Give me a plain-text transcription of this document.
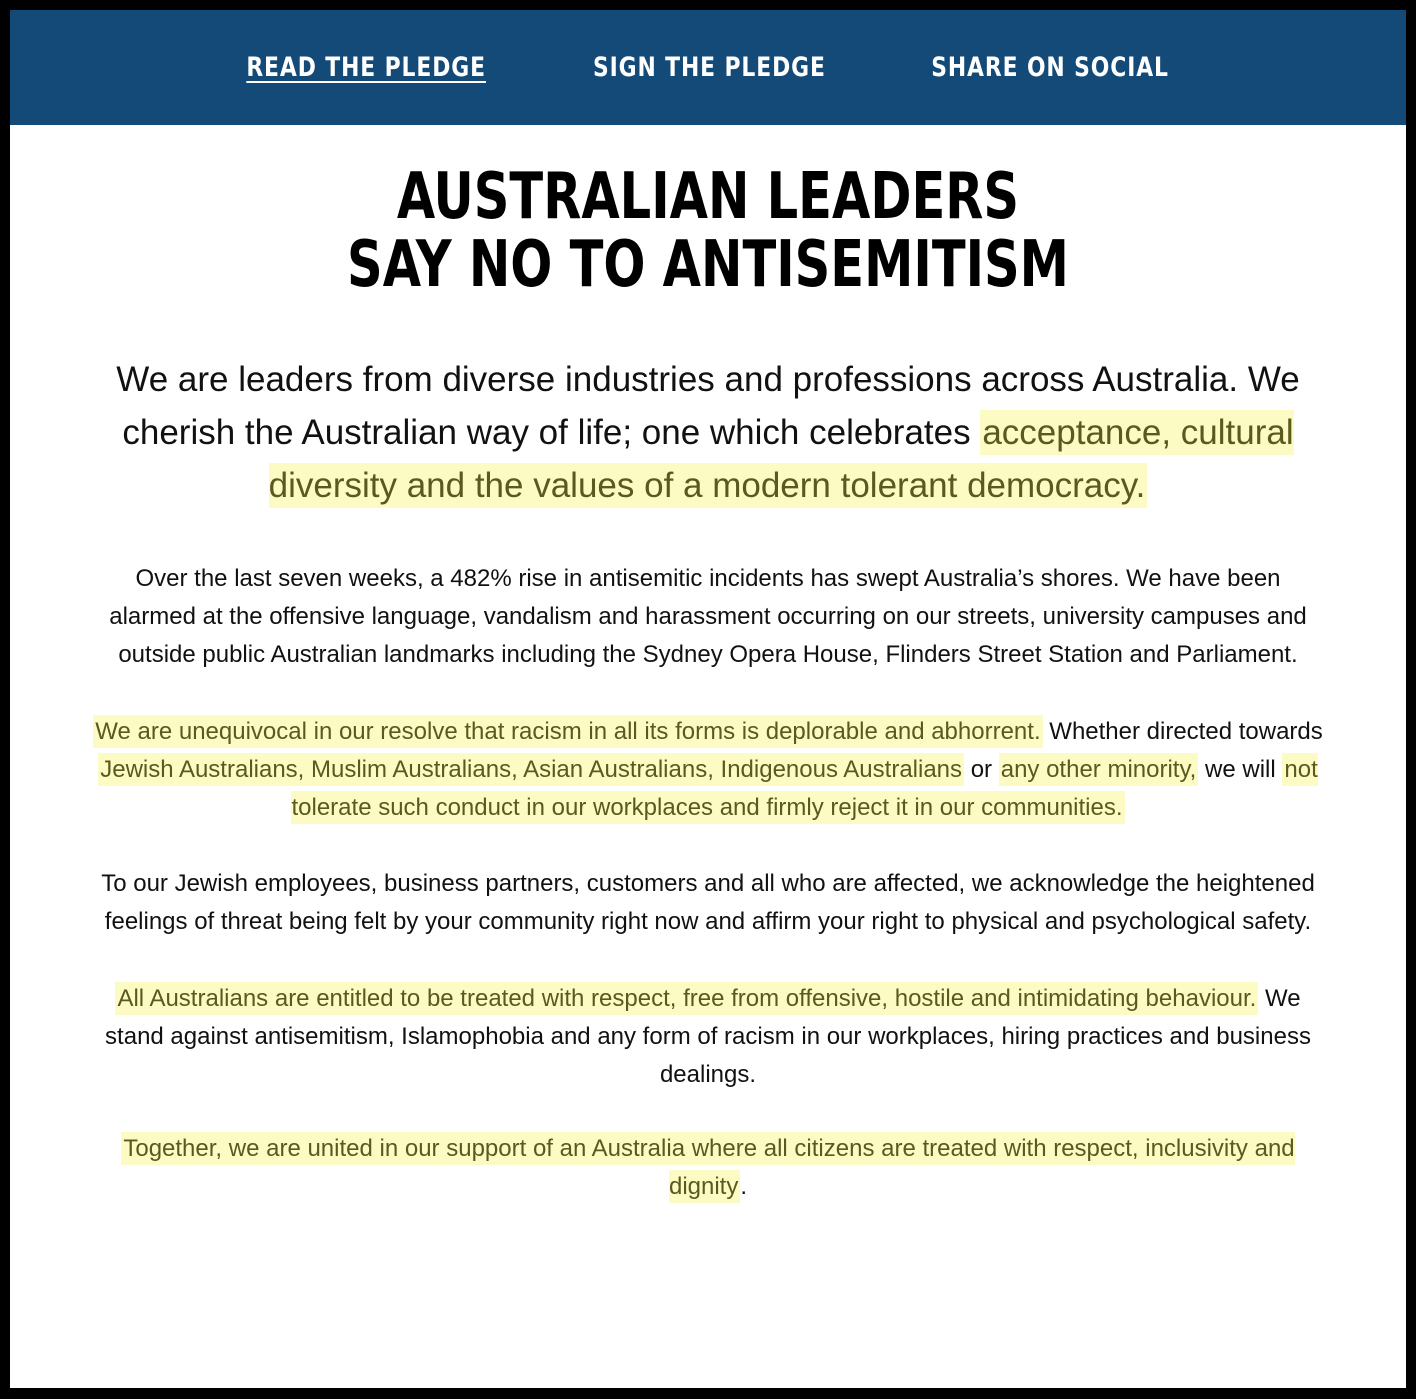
READ THE PLEDGE	SIGN THE PLEDGE	SHARE ON SOCIAL
AUSTRALIAN LEADERS
SAY NO TO ANTISEMITISM

We are leaders from diverse industries and professions across Australia. We cherish the Australian way of life; one which celebrates acceptance, cultural diversity and the values of a modern tolerant democracy.

Over the last seven weeks, a 482% rise in antisemitic incidents has swept Australia’s shores. We have been alarmed at the offensive language, vandalism and harassment occurring on our streets, university campuses and outside public Australian landmarks including the Sydney Opera House, Flinders Street Station and Parliament.

We are unequivocal in our resolve that racism in all its forms is deplorable and abhorrent. Whether directed towards Jewish Australians, Muslim Australians, Asian Australians, Indigenous Australians or any other minority, we will not tolerate such conduct in our workplaces and firmly reject it in our communities.

To our Jewish employees, business partners, customers and all who are affected, we acknowledge the heightened feelings of threat being felt by your community right now and affirm your right to physical and psychological safety.

All Australians are entitled to be treated with respect, free from offensive, hostile and intimidating behaviour. We stand against antisemitism, Islamophobia and any form of racism in our workplaces, hiring practices and business dealings.

Together, we are united in our support of an Australia where all citizens are treated with respect, inclusivity and dignity.
